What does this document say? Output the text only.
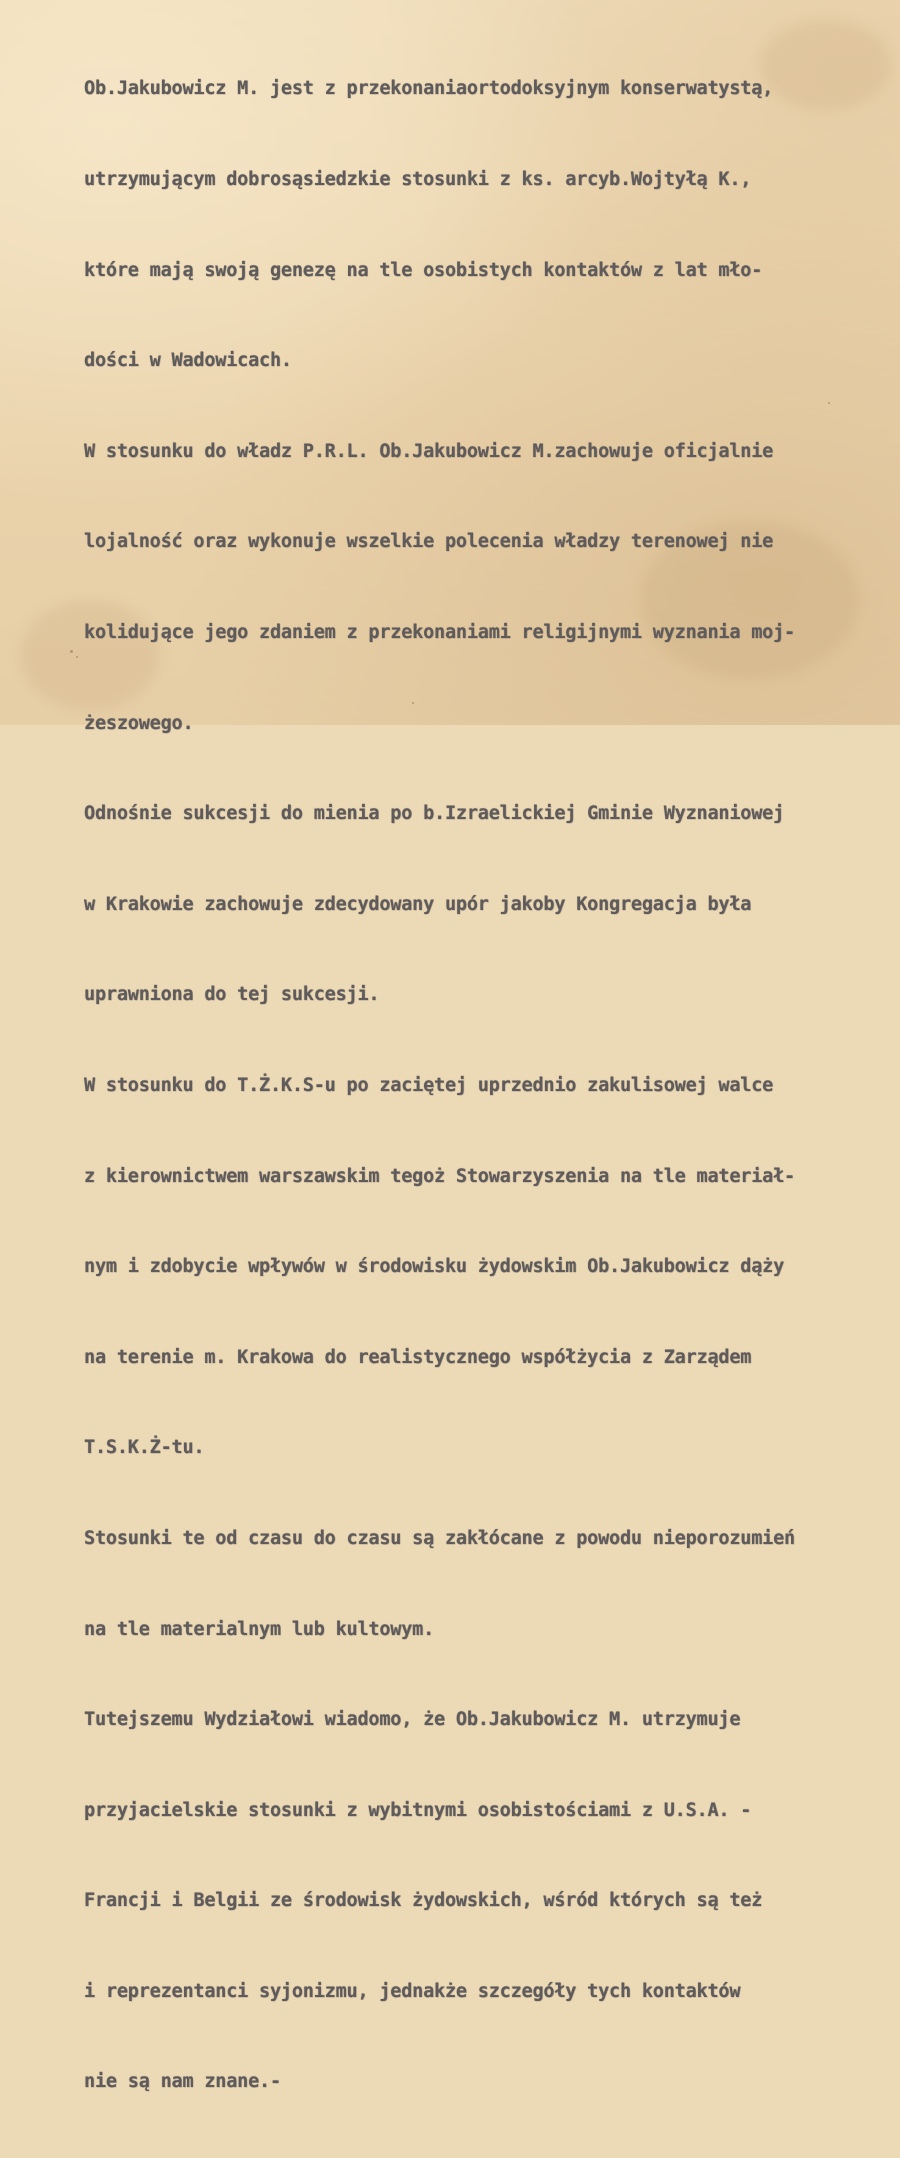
Ob.Jakubowicz M. jest z przekonaniaortodoksyjnym konserwatystą,

utrzymującym dobrosąsiedzkie stosunki z ks. arcyb.Wojtyłą K.,

które mają swoją genezę na tle osobistych kontaktów z lat mło-

dości w Wadowicach.

W stosunku do władz P.R.L. Ob.Jakubowicz M.zachowuje oficjalnie

lojalność oraz wykonuje wszelkie polecenia władzy terenowej nie

kolidujące jego zdaniem z przekonaniami religijnymi wyznania moj-

żeszowego.

Odnośnie sukcesji do mienia po b.Izraelickiej Gminie Wyznaniowej

w Krakowie zachowuje zdecydowany upór jakoby Kongregacja była

uprawniona do tej sukcesji.

W stosunku do T.Ż.K.S-u po zaciętej uprzednio zakulisowej walce

z kierownictwem warszawskim tegoż Stowarzyszenia na tle materiał-

nym i zdobycie wpływów w środowisku żydowskim Ob.Jakubowicz dąży

na terenie m. Krakowa do realistycznego współżycia z Zarządem

T.S.K.Ż-tu.

Stosunki te od czasu do czasu są zakłócane z powodu nieporozumień

na tle materialnym lub kultowym.

Tutejszemu Wydziałowi wiadomo, że Ob.Jakubowicz M. utrzymuje

przyjacielskie stosunki z wybitnymi osobistościami z U.S.A. -

Francji i Belgii ze środowisk żydowskich, wśród których są też

i reprezentanci syjonizmu, jednakże szczegóły tych kontaktów

nie są nam znane.-
